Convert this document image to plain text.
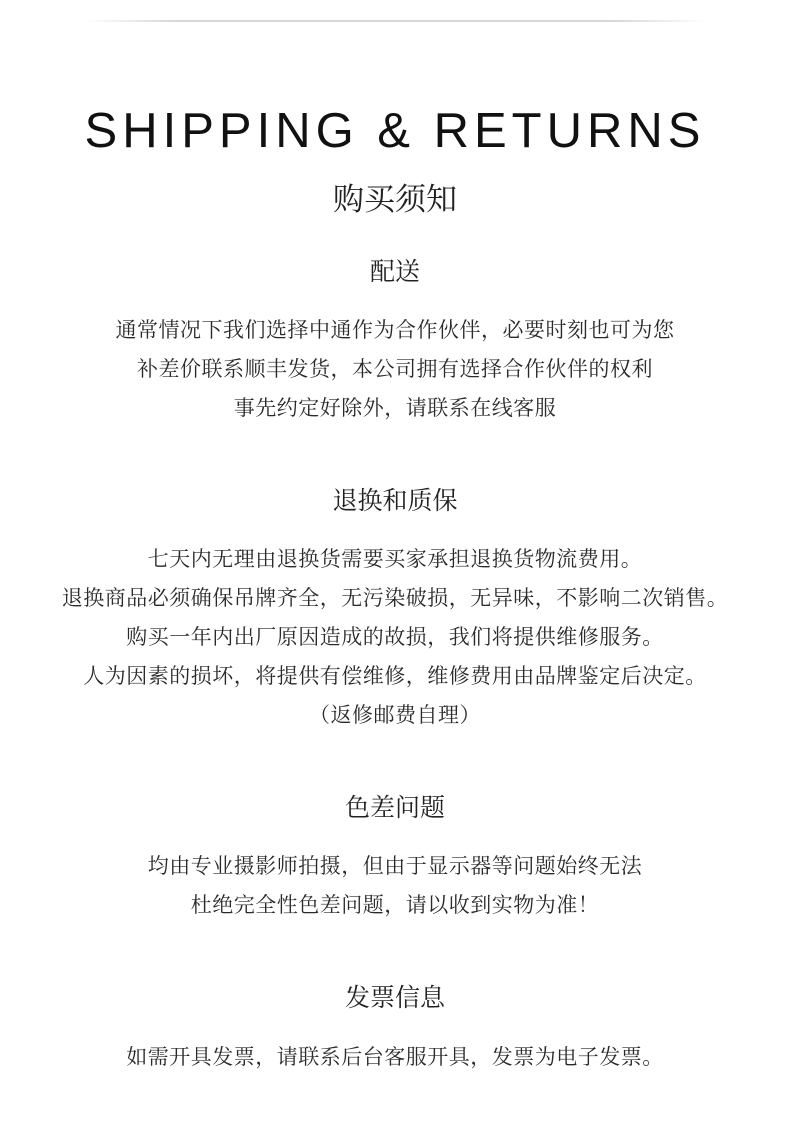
SHIPPING & RETURNS
购买须知
配送

通常情况下我们选择中通作为合作伙伴，必要时刻也可为您

补差价联系顺丰发货，本公司拥有选择合作伙伴的权利

事先约定好除外，请联系在线客服

退换和质保

七天内无理由退换货需要买家承担退换货物流费用。

退换商品必须确保吊牌齐全，无污染破损，无异味，不影响二次销售。

购买一年内出厂原因造成的故损，我们将提供维修服务。

人为因素的损坏，将提供有偿维修，维修费用由品牌鉴定后决定。

（返修邮费自理）

色差问题

均由专业摄影师拍摄，但由于显示器等问题始终无法

杜绝完全性色差问题，请以收到实物为准！

发票信息

如需开具发票，请联系后台客服开具，发票为电子发票。
